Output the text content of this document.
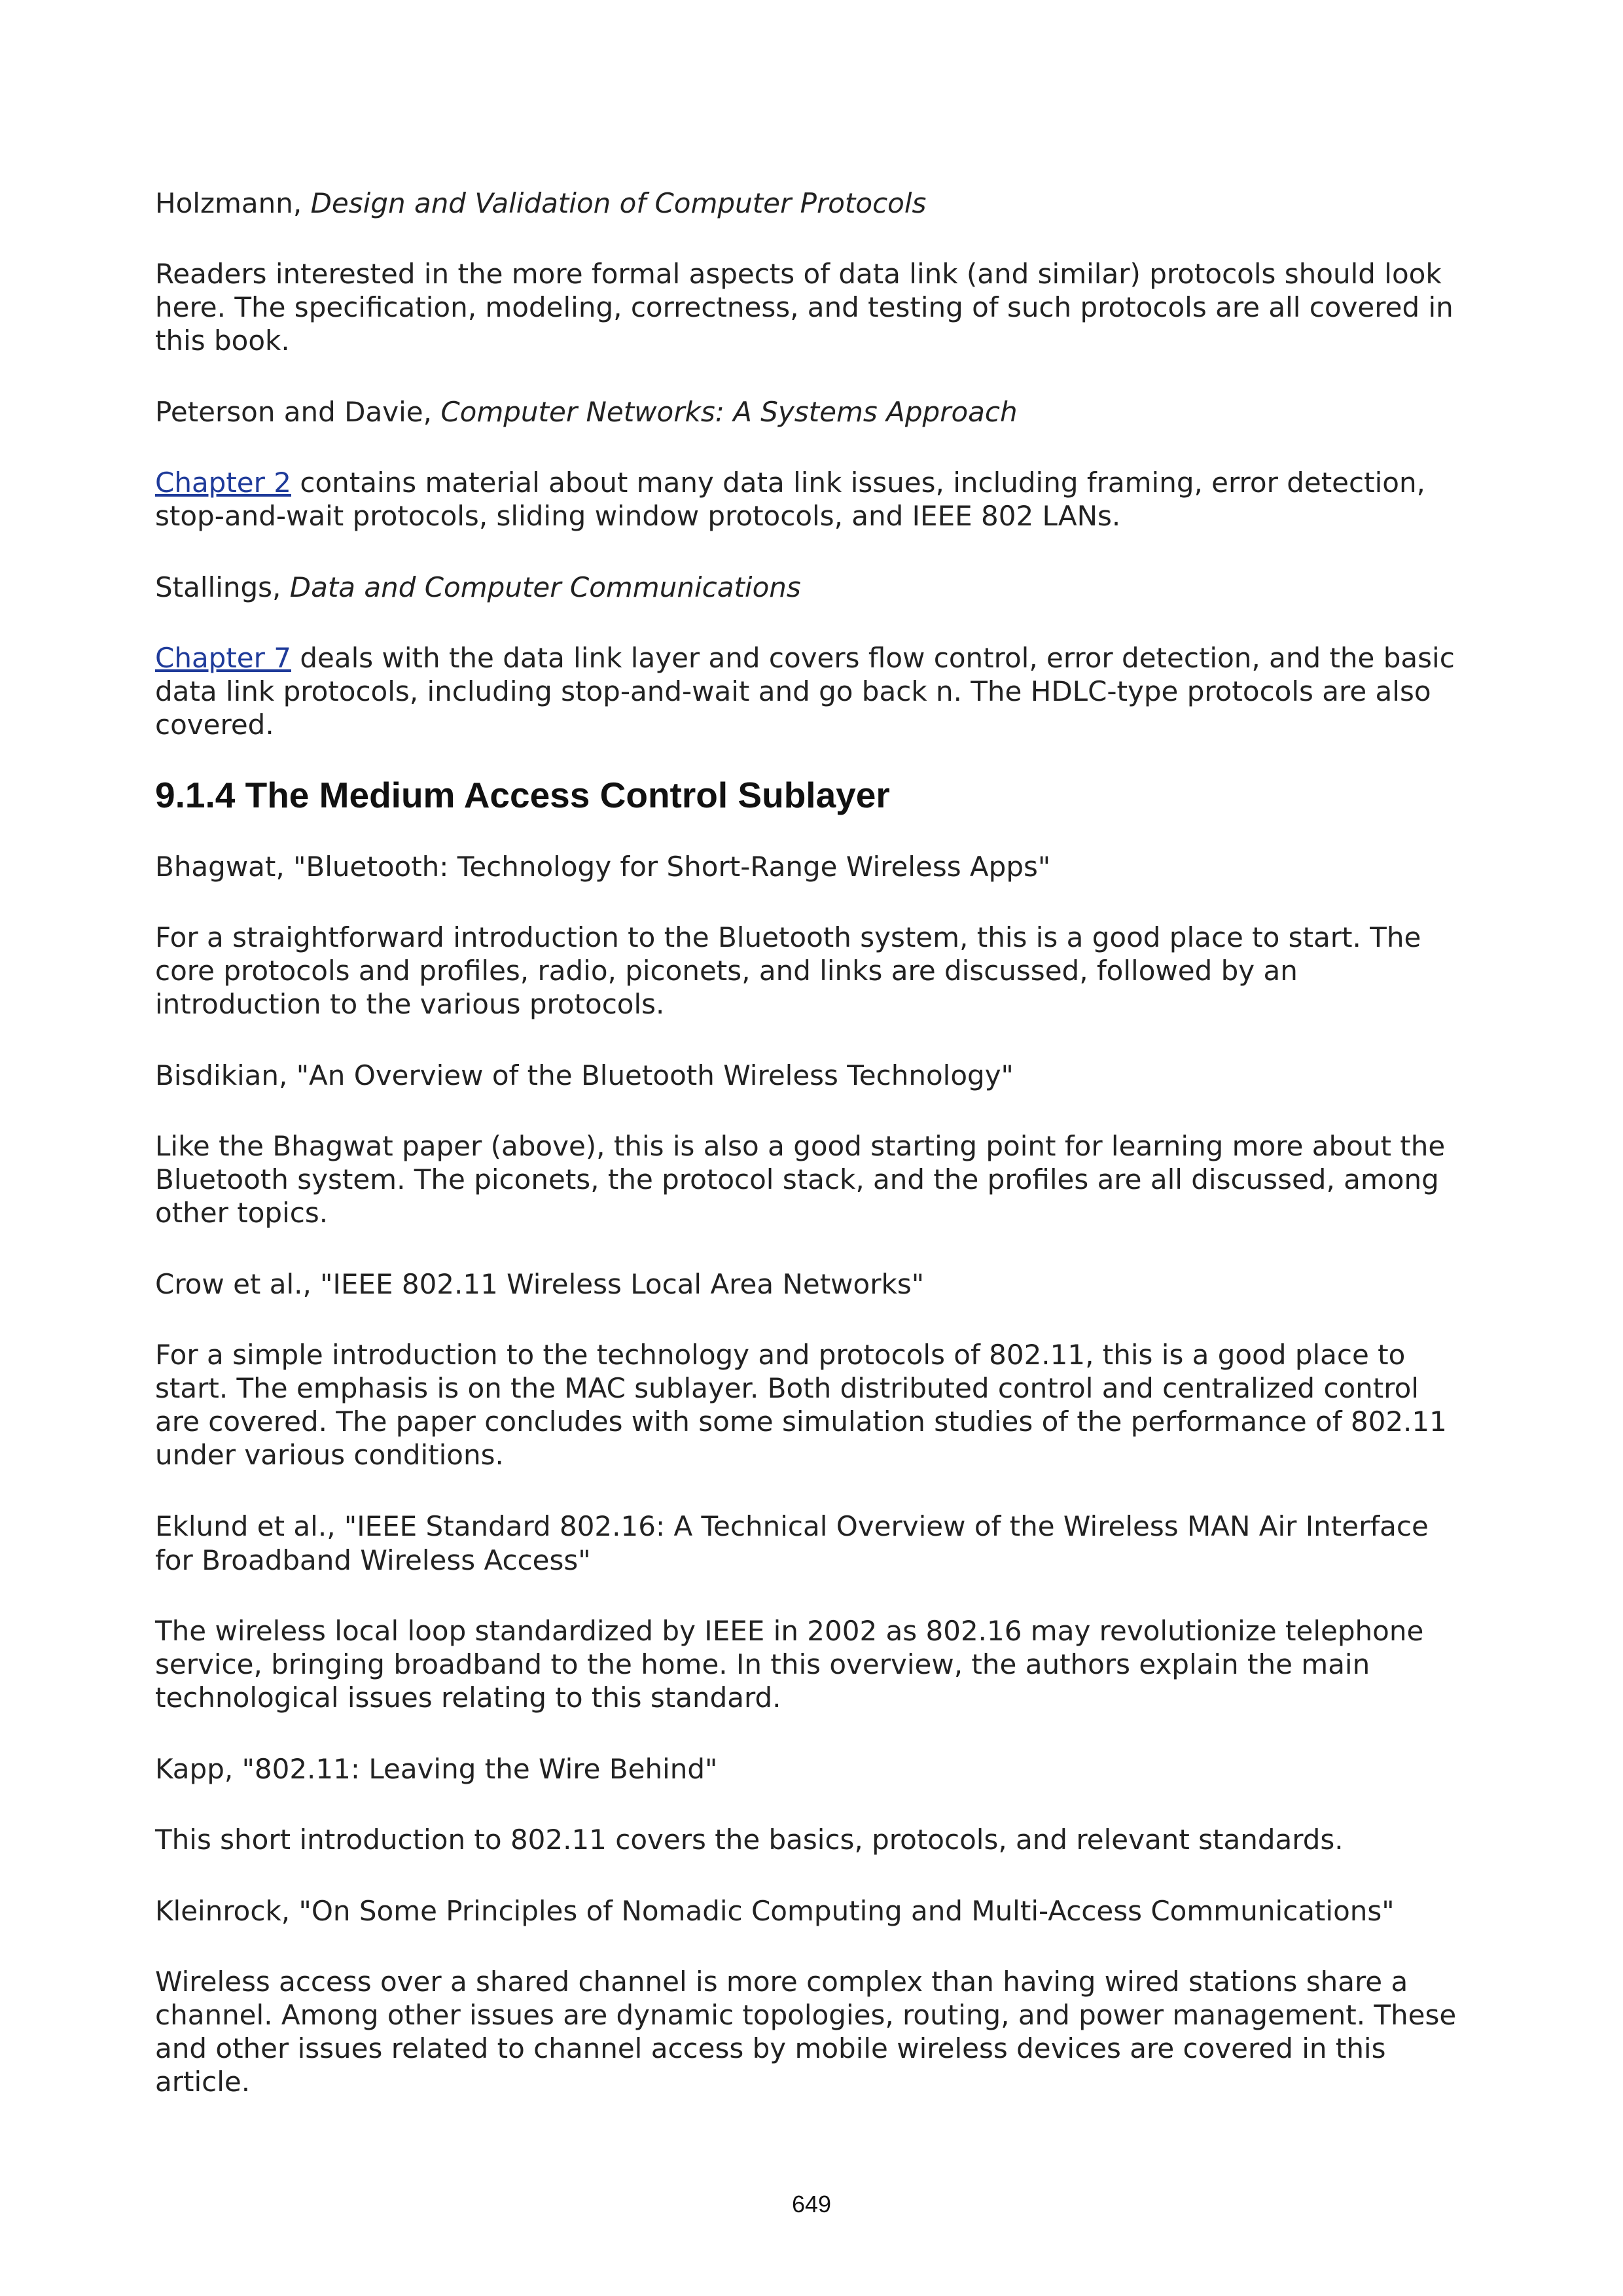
Holzmann, Design and Validation of Computer Protocols

Readers interested in the more formal aspects of data link (and similar) protocols should look here. The specification, modeling, correctness, and testing of such protocols are all covered in this book.

Peterson and Davie, Computer Networks: A Systems Approach

Chapter 2 contains material about many data link issues, including framing, error detection, stop-and-wait protocols, sliding window protocols, and IEEE 802 LANs.

Stallings, Data and Computer Communications

Chapter 7 deals with the data link layer and covers flow control, error detection, and the basic data link protocols, including stop-and-wait and go back n. The HDLC-type protocols are also covered.

9.1.4 The Medium Access Control Sublayer

Bhagwat, "Bluetooth: Technology for Short-Range Wireless Apps"

For a straightforward introduction to the Bluetooth system, this is a good place to start. The core protocols and profiles, radio, piconets, and links are discussed, followed by an introduction to the various protocols.

Bisdikian, "An Overview of the Bluetooth Wireless Technology"

Like the Bhagwat paper (above), this is also a good starting point for learning more about the Bluetooth system. The piconets, the protocol stack, and the profiles are all discussed, among other topics.

Crow et al., "IEEE 802.11 Wireless Local Area Networks"

For a simple introduction to the technology and protocols of 802.11, this is a good place to start. The emphasis is on the MAC sublayer. Both distributed control and centralized control are covered. The paper concludes with some simulation studies of the performance of 802.11 under various conditions.

Eklund et al., "IEEE Standard 802.16: A Technical Overview of the Wireless MAN Air Interface for Broadband Wireless Access"

The wireless local loop standardized by IEEE in 2002 as 802.16 may revolutionize telephone service, bringing broadband to the home. In this overview, the authors explain the main technological issues relating to this standard.

Kapp, "802.11: Leaving the Wire Behind"

This short introduction to 802.11 covers the basics, protocols, and relevant standards.

Kleinrock, "On Some Principles of Nomadic Computing and Multi-Access Communications"

Wireless access over a shared channel is more complex than having wired stations share a channel. Among other issues are dynamic topologies, routing, and power management. These and other issues related to channel access by mobile wireless devices are covered in this article.

649
